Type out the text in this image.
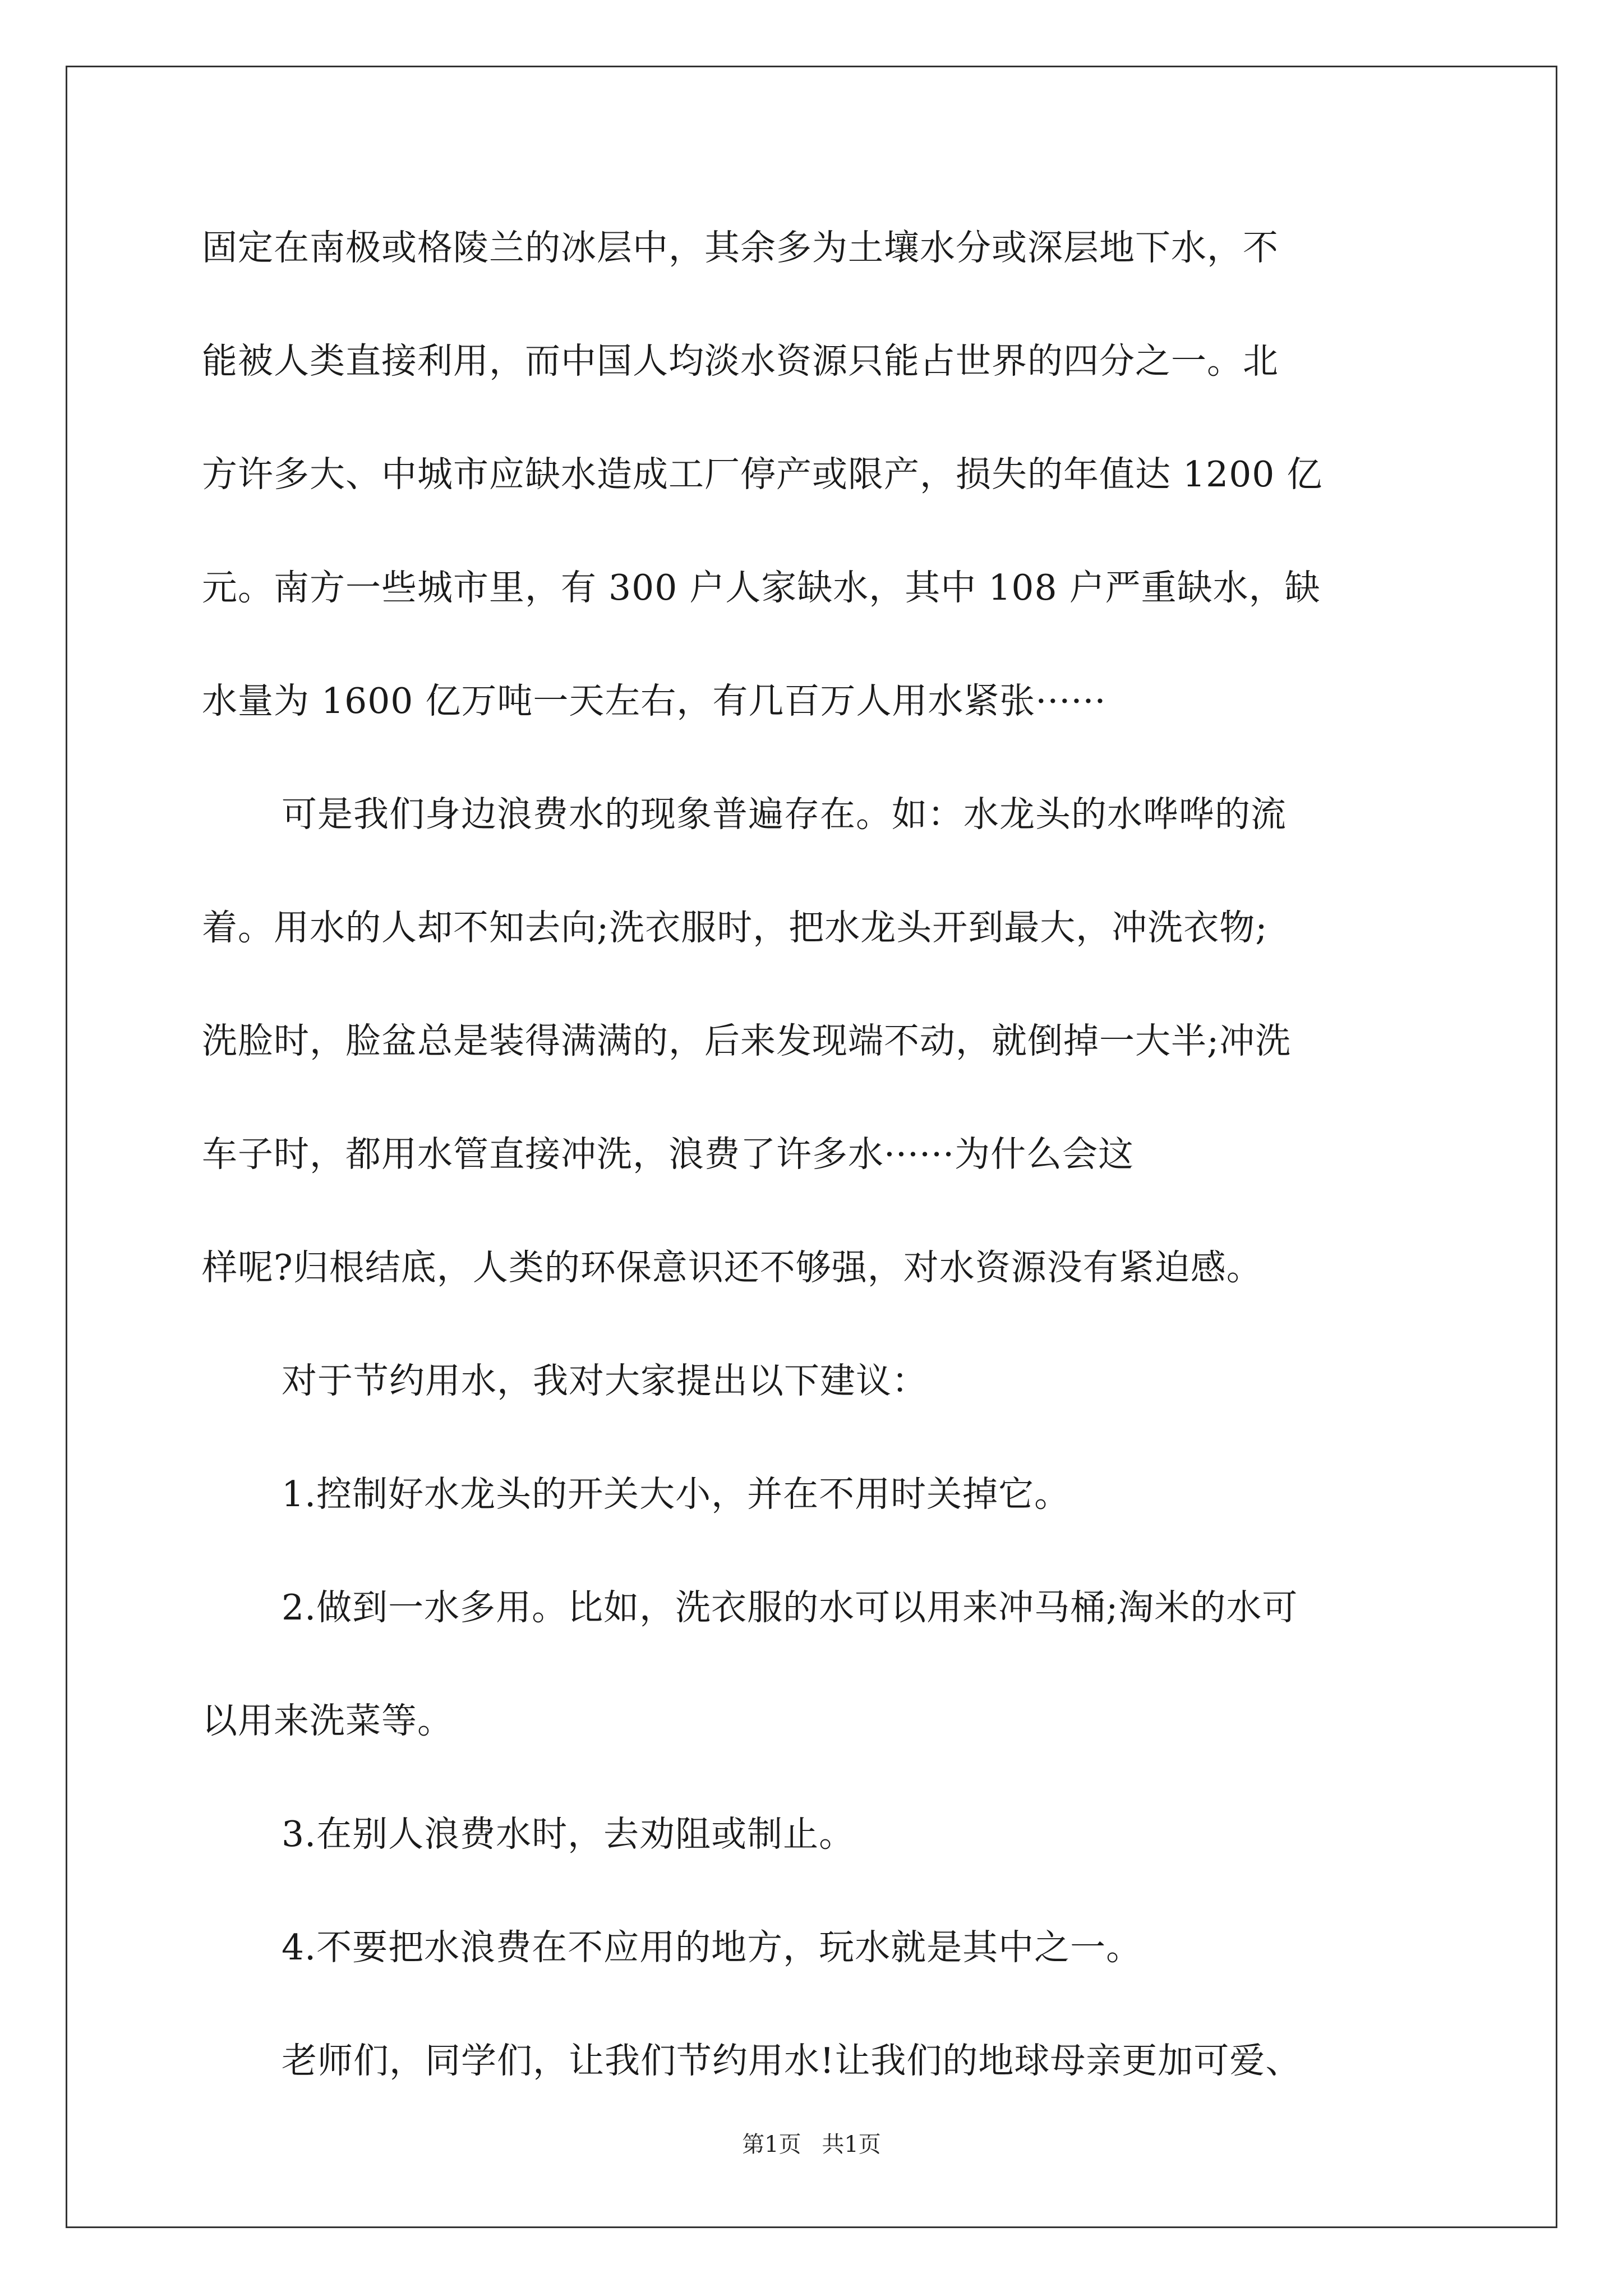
固定在南极或格陵兰的冰层中，其余多为土壤水分或深层地下水，不
能被人类直接利用，而中国人均淡水资源只能占世界的四分之一。北
方许多大、中城市应缺水造成工厂停产或限产，损失的年值达 1200 亿
元。南方一些城市里，有 300 户人家缺水，其中 108 户严重缺水，缺
水量为 1600 亿万吨一天左右，有几百万人用水紧张······
可是我们身边浪费水的现象普遍存在。如：水龙头的水哗哗的流
着。用水的人却不知去向;洗衣服时，把水龙头开到最大，冲洗衣物;
洗脸时，脸盆总是装得满满的，后来发现端不动，就倒掉一大半;冲洗
车子时，都用水管直接冲洗，浪费了许多水······为什么会这
样呢?归根结底，人类的环保意识还不够强，对水资源没有紧迫感。
对于节约用水，我对大家提出以下建议：
1.控制好水龙头的开关大小，并在不用时关掉它。
2.做到一水多用。比如，洗衣服的水可以用来冲马桶;淘米的水可
以用来洗菜等。
3.在别人浪费水时，去劝阻或制止。
4.不要把水浪费在不应用的地方，玩水就是其中之一。
老师们，同学们，让我们节约用水!让我们的地球母亲更加可爱、
第1页 共1页
